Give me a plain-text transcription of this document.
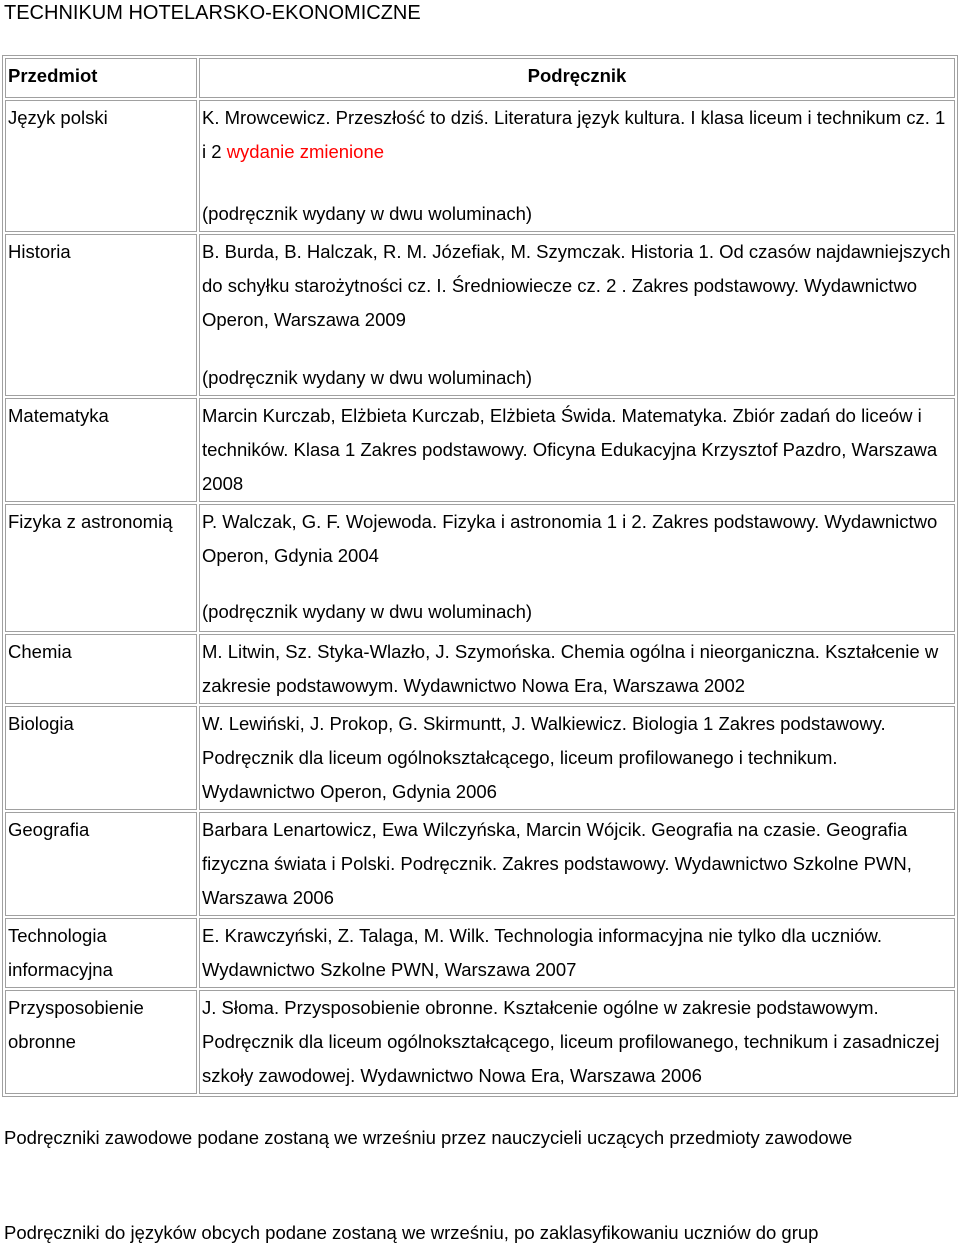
TECHNIKUM HOTELARSKO-EKONOMICZNE
Przedmiot	Podręcznik
Język polski	K. Mrowcewicz. Przeszłość to dziś. Literatura język kultura. I klasa liceum i technikum cz. 1 i 2 wydanie zmienione
(podręcznik wydany w dwu woluminach)

Historia	B. Burda, B. Halczak, R. M. Józefiak, M. Szymczak. Historia 1. Od czasów najdawniejszych do schyłku starożytności cz. I. Średniowiecze cz. 2 . Zakres podstawowy. Wydawnictwo Operon, Warszawa 2009
(podręcznik wydany w dwu woluminach)

Matematyka	Marcin Kurczab, Elżbieta Kurczab, Elżbieta Świda. Matematyka. Zbiór zadań do liceów i techników. Klasa 1 Zakres podstawowy. Oficyna Edukacyjna Krzysztof Pazdro, Warszawa 2008
Fizyka z astronomią	P. Walczak, G. F. Wojewoda. Fizyka i astronomia 1 i 2. Zakres podstawowy. Wydawnictwo Operon, Gdynia 2004
(podręcznik wydany w dwu woluminach)

Chemia	M. Litwin, Sz. Styka-Wlazło, J. Szymońska. Chemia ogólna i nieorganiczna. Kształcenie w zakresie podstawowym. Wydawnictwo Nowa Era, Warszawa 2002
Biologia	W. Lewiński, J. Prokop, G. Skirmuntt, J. Walkiewicz. Biologia 1 Zakres podstawowy. Podręcznik dla liceum ogólnokształcącego, liceum profilowanego i technikum. Wydawnictwo Operon, Gdynia 2006
Geografia	Barbara Lenartowicz, Ewa Wilczyńska, Marcin Wójcik. Geografia na czasie. Geografia fizyczna świata i Polski. Podręcznik. Zakres podstawowy. Wydawnictwo Szkolne PWN, Warszawa 2006
Technologia informacyjna	E. Krawczyński, Z. Talaga, M. Wilk. Technologia informacyjna nie tylko dla uczniów. Wydawnictwo Szkolne PWN, Warszawa 2007
Przysposobienie obronne	J. Słoma. Przysposobienie obronne. Kształcenie ogólne w zakresie podstawowym. Podręcznik dla liceum ogólnokształcącego, liceum profilowanego, technikum i zasadniczej szkoły zawodowej. Wydawnictwo Nowa Era, Warszawa 2006
Podręczniki zawodowe podane zostaną we wrześniu przez nauczycieli uczących przedmioty zawodowe
Podręczniki do języków obcych podane zostaną we wrześniu, po zaklasyfikowaniu uczniów do grup
